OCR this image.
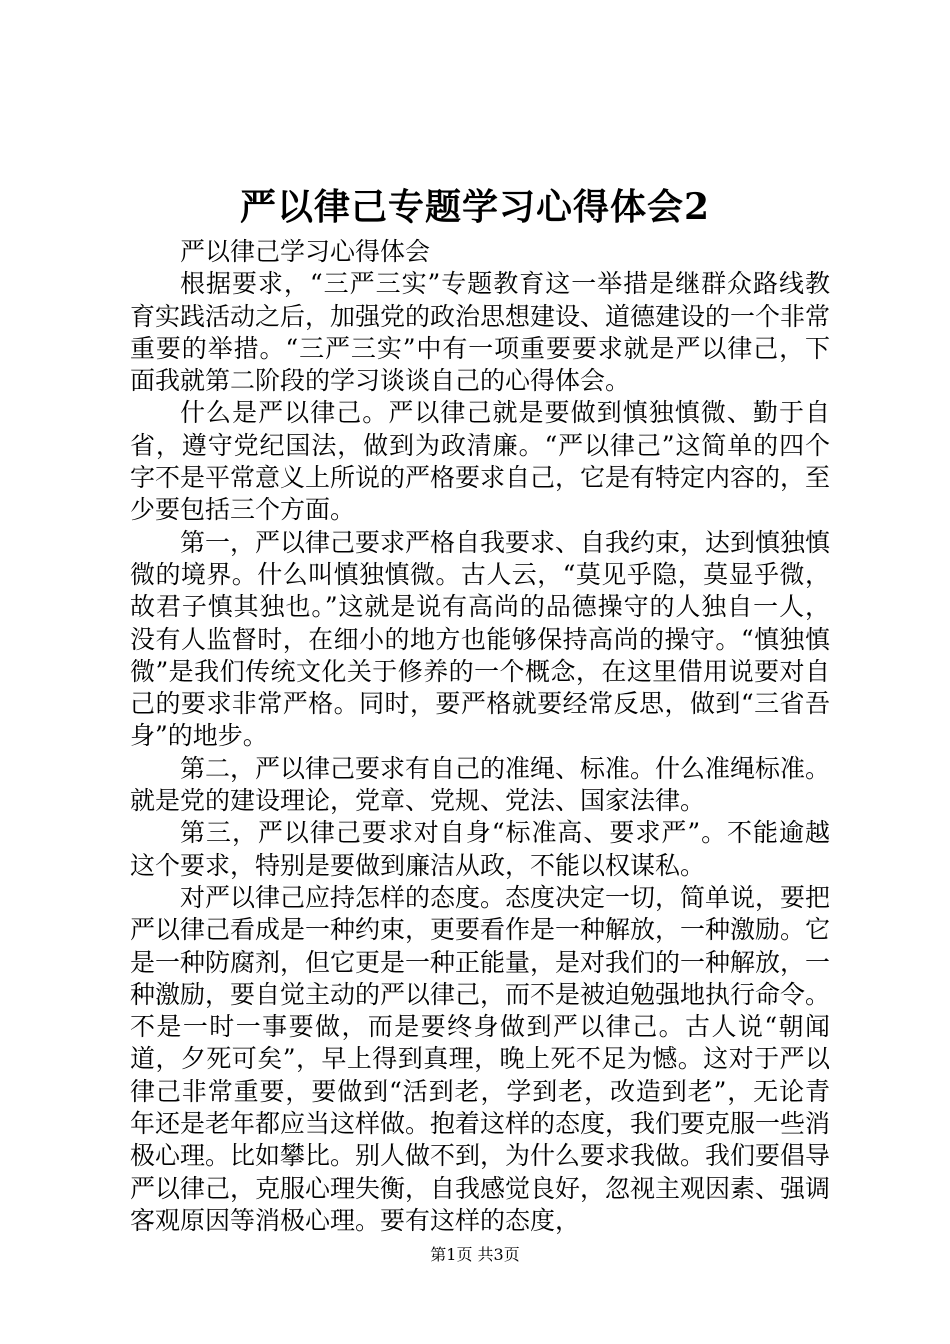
严以律己专题学习心得体会2

严以律己学习心得体会

根据要求，“三严三实”专题教育这一举措是继群众路线教育实践活动之后，加强党的政治思想建设、道德建设的一个非常重要的举措。“三严三实”中有一项重要要求就是严以律己，下面我就第二阶段的学习谈谈自己的心得体会。

什么是严以律己。严以律己就是要做到慎独慎微、勤于自省，遵守党纪国法，做到为政清廉。“严以律己”这简单的四个字不是平常意义上所说的严格要求自己，它是有特定内容的，至少要包括三个方面。

第一，严以律己要求严格自我要求、自我约束，达到慎独慎微的境界。什么叫慎独慎微。古人云，“莫见乎隐，莫显乎微，故君子慎其独也。”这就是说有高尚的品德操守的人独自一人，没有人监督时，在细小的地方也能够保持高尚的操守。“慎独慎微”是我们传统文化关于修养的一个概念，在这里借用说要对自己的要求非常严格。同时，要严格就要经常反思，做到“三省吾身”的地步。

第二，严以律己要求有自己的准绳、标准。什么准绳标准。就是党的建设理论，党章、党规、党法、国家法律。

第三，严以律己要求对自身“标准高、要求严”。不能逾越这个要求，特别是要做到廉洁从政，不能以权谋私。

对严以律己应持怎样的态度。态度决定一切，简单说，要把严以律己看成是一种约束，更要看作是一种解放，一种激励。它是一种防腐剂，但它更是一种正能量，是对我们的一种解放，一种激励，要自觉主动的严以律己，而不是被迫勉强地执行命令。不是一时一事要做，而是要终身做到严以律己。古人说“朝闻道，夕死可矣”，早上得到真理，晚上死不足为憾。这对于严以律己非常重要，要做到“活到老，学到老，改造到老”，无论青年还是老年都应当这样做。抱着这样的态度，我们要克服一些消极心理。比如攀比。别人做不到，为什么要求我做。我们要倡导严以律己，克服心理失衡，自我感觉良好，忽视主观因素、强调客观原因等消极心理。要有这样的态度，

第1页 共3页
